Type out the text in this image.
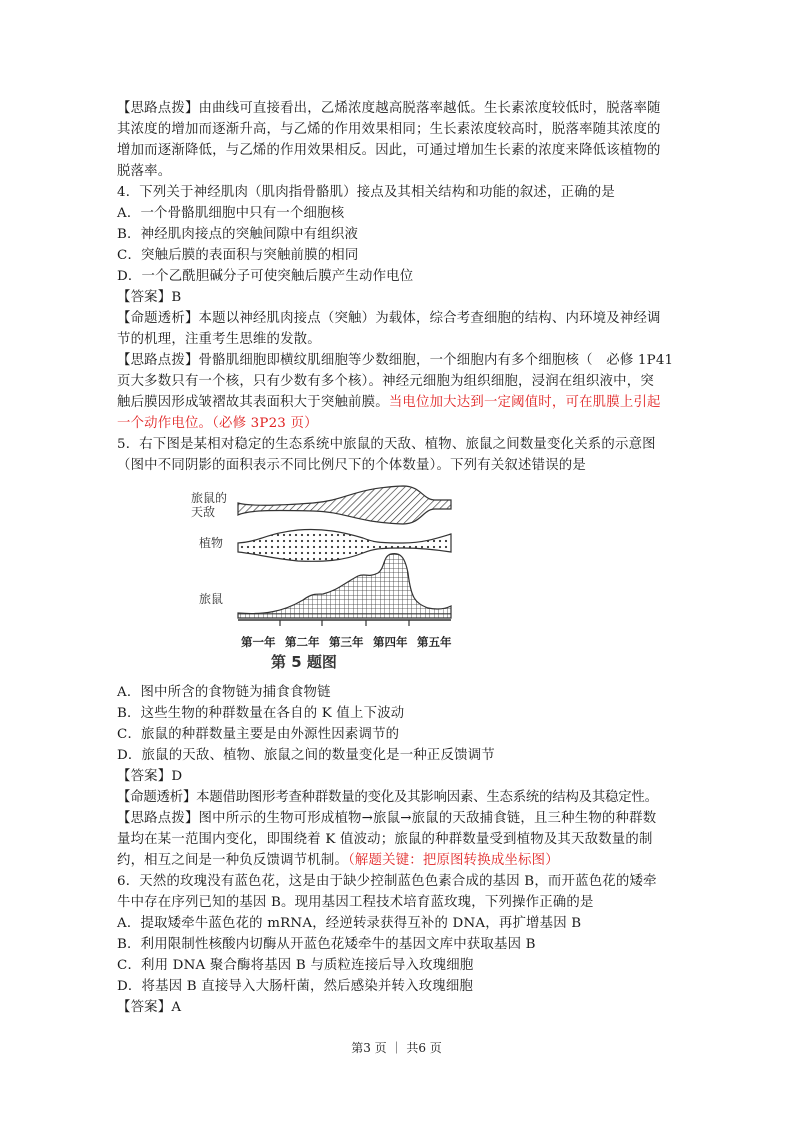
【思路点拨】由曲线可直接看出，乙烯浓度越高脱落率越低。生长素浓度较低时，脱落率随
其浓度的增加而逐渐升高，与乙烯的作用效果相同；生长素浓度较高时，脱落率随其浓度的
增加而逐渐降低，与乙烯的作用效果相反。因此，可通过增加生长素的浓度来降低该植物的
脱落率。
4．下列关于神经肌肉（肌肉指骨骼肌）接点及其相关结构和功能的叙述，正确的是
A．一个骨骼肌细胞中只有一个细胞核
B．神经肌肉接点的突触间隙中有组织液
C．突触后膜的表面积与突触前膜的相同
D．一个乙酰胆碱分子可使突触后膜产生动作电位
【答案】B
【命题透析】本题以神经肌肉接点（突触）为载体，综合考查细胞的结构、内环境及神经调
节的机理，注重考生思维的发散。
【思路点拨】骨骼肌细胞即横纹肌细胞等少数细胞，一个细胞内有多个细胞核（　必修 1P41
页大多数只有一个核，只有少数有多个核）。神经元细胞为组织细胞，浸润在组织液中，突
触后膜因形成皱褶故其表面积大于突触前膜。当电位加大达到一定阈值时，可在肌膜上引起
一个动作电位。（必修 3P23 页）
5．右下图是某相对稳定的生态系统中旅鼠的天敌、植物、旅鼠之间数量变化关系的示意图
（图中不同阴影的面积表示不同比例尺下的个体数量）。下列有关叙述错误的是
旅鼠的
天敌
植物
旅鼠
第一年 第二年 第三年 第四年 第五年
第 5 题图
A．图中所含的食物链为捕食食物链
B．这些生物的种群数量在各自的 K 值上下波动
C．旅鼠的种群数量主要是由外源性因素调节的
D．旅鼠的天敌、植物、旅鼠之间的数量变化是一种正反馈调节
【答案】D
【命题透析】本题借助图形考查种群数量的变化及其影响因素、生态系统的结构及其稳定性。
【思路点拨】图中所示的生物可形成植物→旅鼠→旅鼠的天敌捕食链，且三种生物的种群数
量均在某一范围内变化，即围绕着 K 值波动；旅鼠的种群数量受到植物及其天敌数量的制
约，相互之间是一种负反馈调节机制。（解题关键：把原图转换成坐标图）
6．天然的玫瑰没有蓝色花，这是由于缺少控制蓝色色素合成的基因 B，而开蓝色花的矮牵
牛中存在序列已知的基因 B。现用基因工程技术培育蓝玫瑰，下列操作正确的是
A．提取矮牵牛蓝色花的 mRNA，经逆转录获得互补的 DNA，再扩增基因 B
B．利用限制性核酸内切酶从开蓝色花矮牵牛的基因文库中获取基因 B
C．利用 DNA 聚合酶将基因 B 与质粒连接后导入玫瑰细胞
D．将基因 B 直接导入大肠杆菌，然后感染并转入玫瑰细胞
【答案】A
第3 页 ｜ 共6 页
